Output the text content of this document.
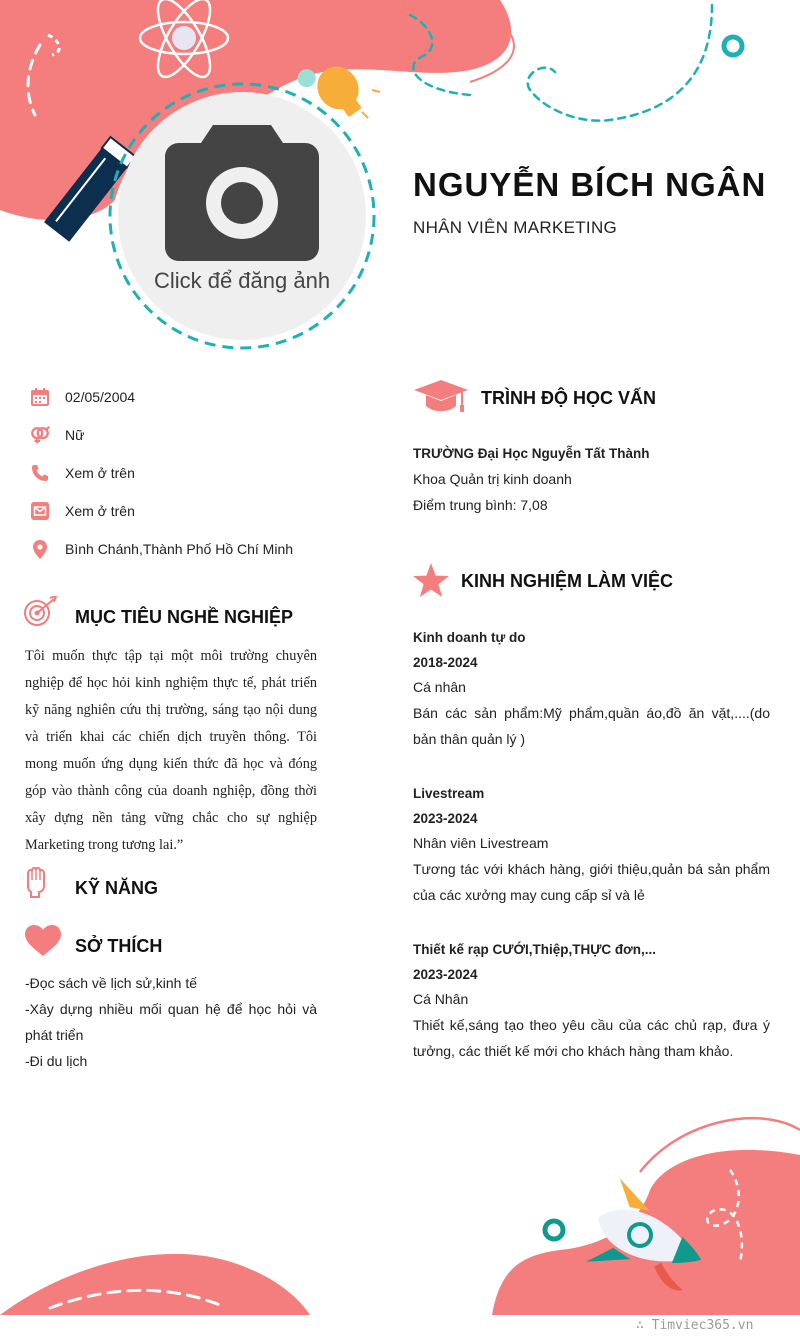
Click để đăng ảnh
NGUYỄN BÍCH NGÂN
NHÂN VIÊN MARKETING
02/05/2004
Nữ
Xem ở trên
Xem ở trên
Bình Chánh,Thành Phố Hồ Chí Minh
MỤC TIÊU NGHỀ NGHIỆP
Tôi muốn thực tập tại một môi trường chuyên nghiệp để học hỏi kinh nghiệm thực tế, phát triển kỹ năng nghiên cứu thị trường, sáng tạo nội dung và triển khai các chiến dịch truyền thông. Tôi mong muốn ứng dụng kiến thức đã học và đóng góp vào thành công của doanh nghiệp, đồng thời xây dựng nền tảng vững chắc cho sự nghiệp Marketing trong tương lai.”
KỸ NĂNG
SỞ THÍCH
-Đọc sách về lịch sử,kinh tế
-Xây dựng nhiều mối quan hệ để học hỏi và phát triển
-Đi du lịch
TRÌNH ĐỘ HỌC VẤN
TRƯỜNG Đại Học Nguyễn Tất Thành
Khoa Quản trị kinh doanh
Điểm trung bình: 7,08
KINH NGHIỆM LÀM VIỆC
Kinh doanh tự do
2018-2024
Cá nhân
Bán các sản phẩm:Mỹ phẩm,quần áo,đồ ăn vặt,....(do bản thân quản lý )
Livestream
2023-2024
Nhân viên Livestream
Tương tác với khách hàng, giới thiệu,quản bá sản phẩm của các xưởng may cung cấp sỉ và lẻ
Thiết kế rạp CƯỚI,Thiệp,THỰC đơn,...
2023-2024
Cá Nhân
Thiết kế,sáng tạo theo yêu cầu của các chủ rạp, đưa ý tưởng, các thiết kế mới cho khách hàng tham khảo.
∴ Timviec365.vn
